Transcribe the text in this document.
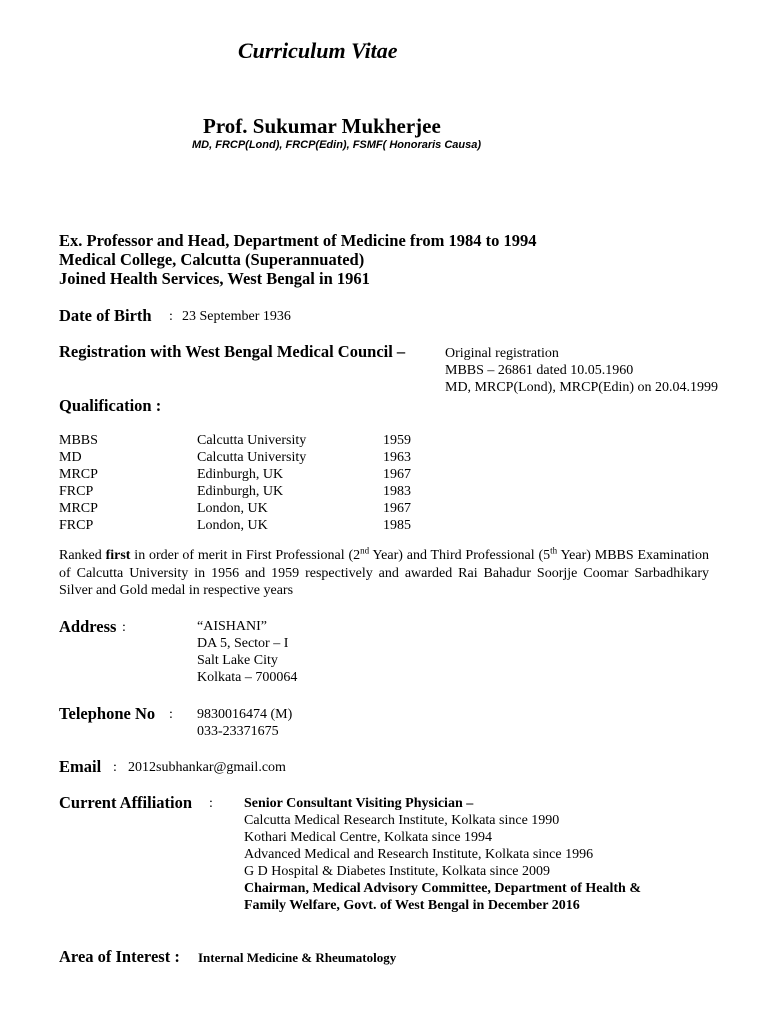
Curriculum Vitae
Prof. Sukumar Mukherjee
MD, FRCP(Lond), FRCP(Edin), FSMF( Honoraris Causa)
Ex. Professor and Head, Department of Medicine from 1984 to 1994
Medical College, Calcutta (Superannuated)
Joined Health Services, West Bengal in 1961
Date of Birth : 23 September 1936
Registration with West Bengal Medical Council –	Original registration
MBBS – 26861 dated 10.05.1960
MD, MRCP(Lond), MRCP(Edin) on 20.04.1999
Qualification :
MBBS	Calcutta University	1959
MD	Calcutta University	1963
MRCP	Edinburgh, UK	1967
FRCP	Edinburgh, UK	1983
MRCP	London, UK	1967
FRCP	London, UK	1985
Ranked first in order of merit in First Professional (2nd Year) and Third Professional (5th Year) MBBS Examination of Calcutta University in 1956 and 1959 respectively and awarded Rai Bahadur Soorjje Coomar Sarbadhikary Silver and Gold medal in respective years
Address :	“AISHANI”
DA 5, Sector – I
Salt Lake City
Kolkata – 700064
Telephone No : 9830016474 (M)
033-23371675
Email : 2012subhankar@gmail.com
Current Affiliation : Senior Consultant Visiting Physician –
Calcutta Medical Research Institute, Kolkata since 1990
Kothari Medical Centre, Kolkata since 1994
Advanced Medical and Research Institute, Kolkata since 1996
G D Hospital & Diabetes Institute, Kolkata since 2009
Chairman, Medical Advisory Committee, Department of Health &
Family Welfare, Govt. of West Bengal in December 2016
Area of Interest : Internal Medicine & Rheumatology
